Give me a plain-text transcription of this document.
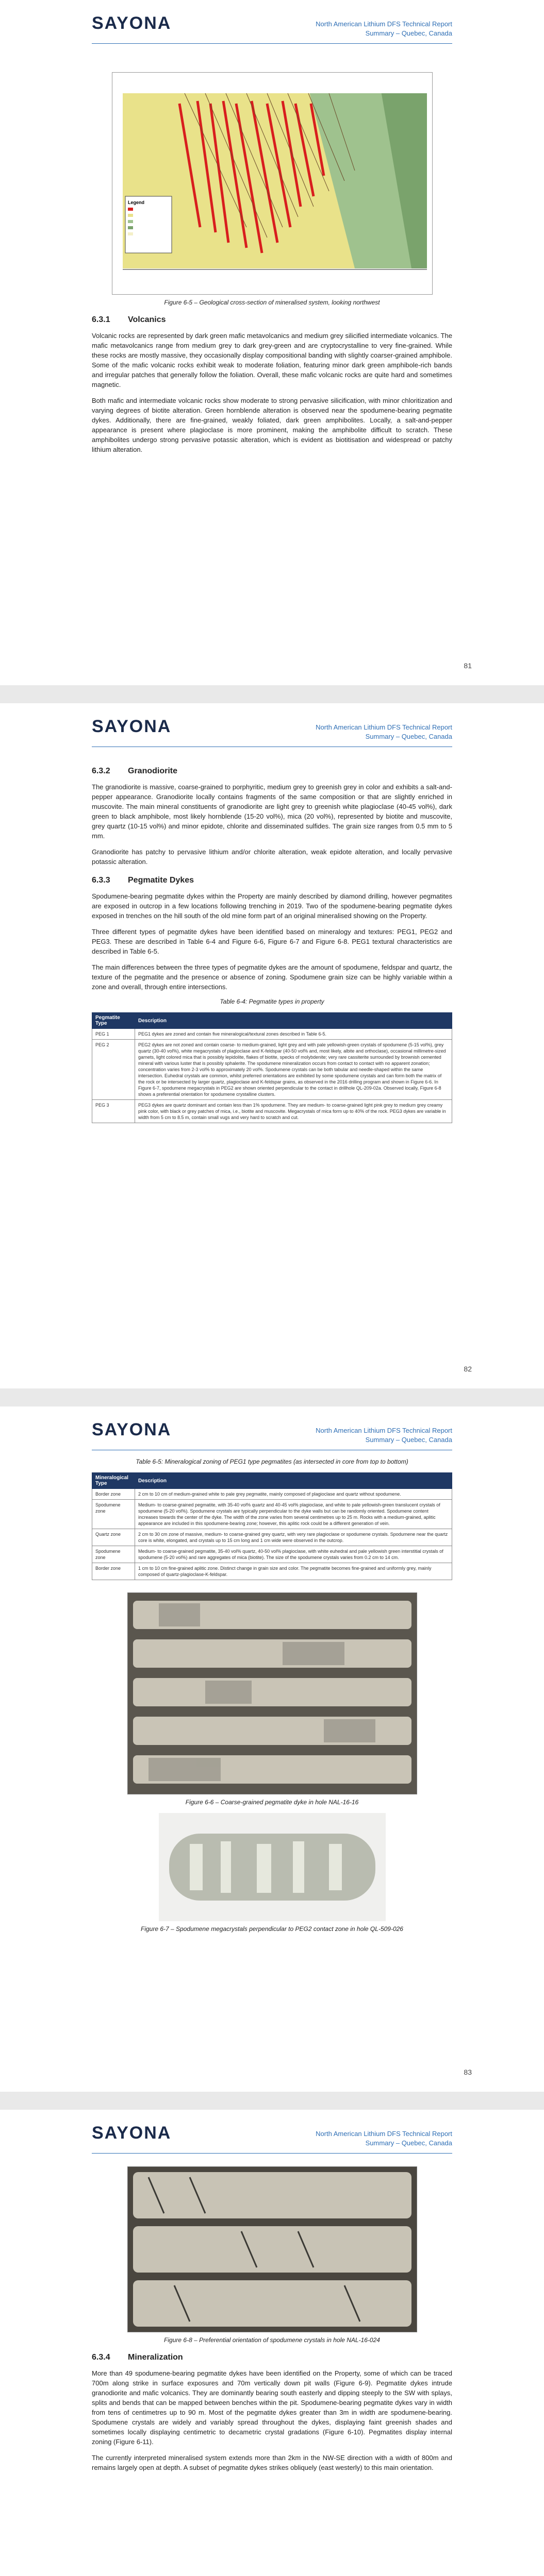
SAYONA	North American Lithium DFS Technical Report
Summary – Quebec, Canada
Legend
Figure 6-5 – Geological cross-section of mineralised system, looking northwest
6.3.1	Volcanics

Volcanic rocks are represented by dark green mafic metavolcanics and medium grey silicified intermediate volcanics. The mafic metavolcanics range from medium grey to dark grey-green and are cryptocrystalline to very fine-grained. While these rocks are mostly massive, they occasionally display compositional banding with slightly coarser-grained amphibole. Some of the mafic volcanic rocks exhibit weak to moderate foliation, featuring minor dark green amphibole-rich bands and irregular patches that generally follow the foliation. Overall, these mafic volcanic rocks are quite hard and sometimes magnetic.

Both mafic and intermediate volcanic rocks show moderate to strong pervasive silicification, with minor chloritization and varying degrees of biotite alteration. Green hornblende alteration is observed near the spodumene-bearing pegmatite dykes. Additionally, there are fine-grained, weakly foliated, dark green amphibolites. Locally, a salt-and-pepper appearance is present where plagioclase is more prominent, making the amphibolite difficult to scratch. These amphibolites undergo strong pervasive potassic alteration, which is evident as biotitisation and widespread or patchy lithium alteration.

81
SAYONA	North American Lithium DFS Technical Report
Summary – Quebec, Canada
6.3.2	Granodiorite

The granodiorite is massive, coarse-grained to porphyritic, medium grey to greenish grey in color and exhibits a salt-and-pepper appearance. Granodiorite locally contains fragments of the same composition or that are slightly enriched in muscovite. The main mineral constituents of granodiorite are light grey to greenish white plagioclase (40-45 vol%), dark green to black amphibole, most likely hornblende (15-20 vol%), mica (20 vol%), represented by biotite and muscovite, grey quartz (10-15 vol%) and minor epidote, chlorite and disseminated sulfides. The grain size ranges from 0.5 mm to 5 mm.

Granodiorite has patchy to pervasive lithium and/or chlorite alteration, weak epidote alteration, and locally pervasive potassic alteration.

6.3.3	Pegmatite Dykes

Spodumene-bearing pegmatite dykes within the Property are mainly described by diamond drilling, however pegmatites are exposed in outcrop in a few locations following trenching in 2019. Two of the spodumene-bearing pegmatite dykes exposed in trenches on the hill south of the old mine form part of an original mineralised showing on the Property.

Three different types of pegmatite dykes have been identified based on mineralogy and textures: PEG1, PEG2 and PEG3. These are described in Table 6-4 and Figure 6-6, Figure 6-7 and Figure 6-8. PEG1 textural characteristics are described in Table 6-5.

The main differences between the three types of pegmatite dykes are the amount of spodumene, feldspar and quartz, the texture of the pegmatite and the presence or absence of zoning. Spodumene grain size can be highly variable within a zone and overall, through entire intersections.

Table 6-4: Pegmatite types in property
Pegmatite Type	Description
PEG 1	PEG1 dykes are zoned and contain five mineralogical/textural zones described in Table 6-5.
PEG 2	PEG2 dykes are not zoned and contain coarse- to medium-grained, light grey and with pale yellowish-green crystals of spodumene (5-15 vol%), grey quartz (30-40 vol%), white megacrystals of plagioclase and K-feldspar (40-50 vol% and, most likely, albite and orthoclase), occasional millimetre-sized garnets, light colored mica that is possibly lepidolite, flakes of biotite, specks of molybdenite; very rare cassiterite surrounded by brownish cemented mineral with various luster that is possibly sphalerite. The spodumene mineralization occurs from contact to contact with no apparent zonation; concentration varies from 2-3 vol% to approximately 20 vol%. Spodumene crystals can be both tabular and needle-shaped within the same intersection. Euhedral crystals are common, whilst preferred orientations are exhibited by some spodumene crystals and can form both the matrix of the rock or be intersected by larger quartz, plagioclase and K-feldspar grains, as observed in the 2016 drilling program and shown in Figure 6-6. In Figure 6-7, spodumene megacrystals in PEG2 are shown oriented perpendicular to the contact in drillhole QL-209-02a. Observed locally, Figure 6-8 shows a preferential orientation for spodumene crystalline clusters.
PEG 3	PEG3 dykes are quartz dominant and contain less than 1% spodumene. They are medium- to coarse-grained light pink grey to medium grey creamy pink color, with black or grey patches of mica, i.e., biotite and muscovite. Megacrystals of mica form up to 40% of the rock. PEG3 dykes are variable in width from 5 cm to 8.5 m, contain small vugs and very hard to scratch and cut.
82
SAYONA	North American Lithium DFS Technical Report
Summary – Quebec, Canada
Table 6-5: Mineralogical zoning of PEG1 type pegmatites (as intersected in core from top to bottom)
Mineralogical Type	Description
Border zone	2 cm to 10 cm of medium-grained white to pale grey pegmatite, mainly composed of plagioclase and quartz without spodumene.
Spodumene zone	Medium- to coarse-grained pegmatite, with 35-40 vol% quartz and 40-45 vol% plagioclase, and white to pale yellowish-green translucent crystals of spodumene (5-20 vol%). Spodumene crystals are typically perpendicular to the dyke walls but can be randomly oriented. Spodumene content increases towards the center of the dyke. The width of the zone varies from several centimetres up to 25 m. Rocks with a medium-grained, aplitic appearance are included in this spodumene-bearing zone; however, this aplitic rock could be a different generation of vein.
Quartz zone	2 cm to 30 cm zone of massive, medium- to coarse-grained grey quartz, with very rare plagioclase or spodumene crystals. Spodumene near the quartz core is white, elongated, and crystals up to 15 cm long and 1 cm wide were observed in the outcrop.
Spodumene zone	Medium- to coarse-grained pegmatite, 35-40 vol% quartz, 40-50 vol% plagioclase, with white euhedral and pale yellowish green interstitial crystals of spodumene (5-20 vol%) and rare aggregates of mica (biotite). The size of the spodumene crystals varies from 0.2 cm to 14 cm.
Border zone	1 cm to 10 cm fine-grained aplitic zone. Distinct change in grain size and color. The pegmatite becomes fine-grained and uniformly grey, mainly composed of quartz-plagioclase-K-feldspar.
Figure 6-6 – Coarse-grained pegmatite dyke in hole NAL-16-16
Figure 6-7 – Spodumene megacrystals perpendicular to PEG2 contact zone in hole QL-509-026
83
SAYONA	North American Lithium DFS Technical Report
Summary – Quebec, Canada
Figure 6-8 – Preferential orientation of spodumene crystals in hole NAL-16-024
6.3.4	Mineralization

More than 49 spodumene-bearing pegmatite dykes have been identified on the Property, some of which can be traced 700m along strike in surface exposures and 70m vertically down pit walls (Figure 6-9). Pegmatite dykes intrude granodiorite and mafic volcanics. They are dominantly bearing south easterly and dipping steeply to the SW with splays, splits and bends that can be mapped between benches within the pit. Spodumene-bearing pegmatite dykes vary in width from tens of centimetres up to 90 m. Most of the pegmatite dykes greater than 3m in width are spodumene-bearing. Spodumene crystals are widely and variably spread throughout the dykes, displaying faint greenish shades and sometimes locally displaying centimetric to decametric crystal gradations (Figure 6-10). Pegmatites display internal zoning (Figure 6-11).

The currently interpreted mineralised system extends more than 2km in the NW-SE direction with a width of 800m and remains largely open at depth. A subset of pegmatite dykes strikes obliquely (east westerly) to this main orientation.
